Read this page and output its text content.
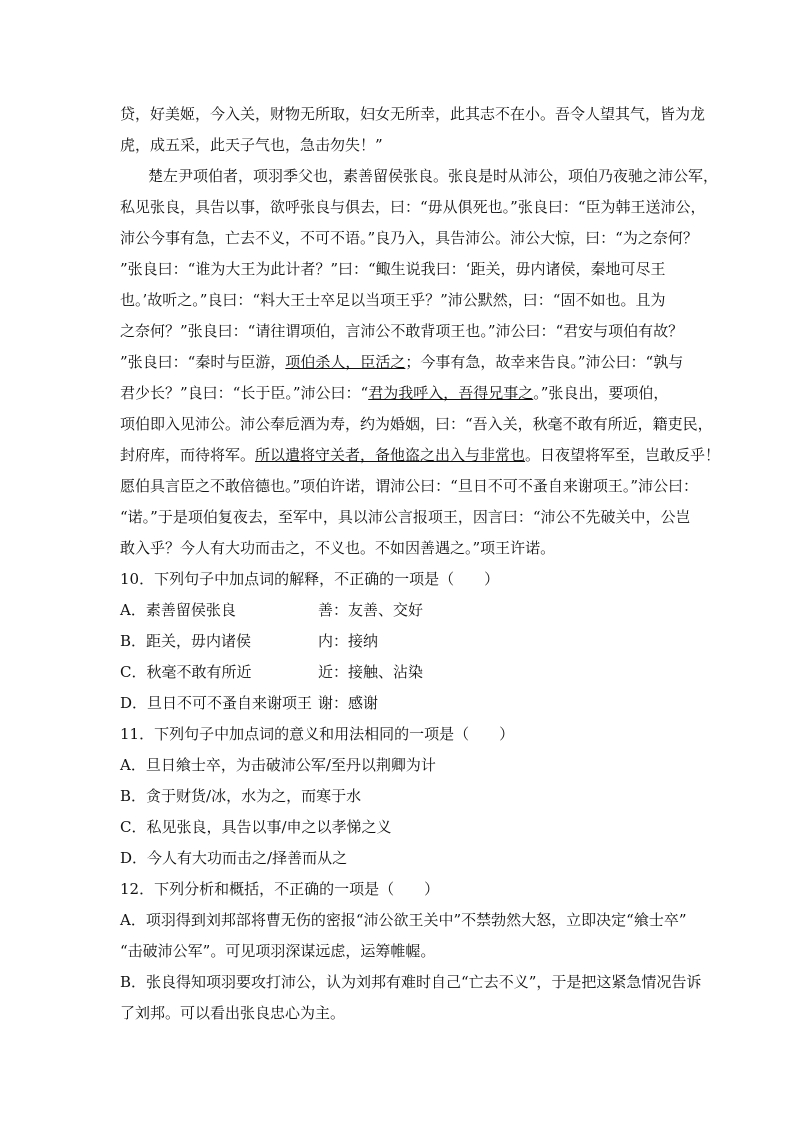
贷，好美姬，今入关，财物无所取，妇女无所幸，此其志不在小。吾令人望其气，皆为龙
虎，成五采，此天子气也，急击勿失！”
楚左尹项伯者，项羽季父也，素善留侯张良。张良是时从沛公，项伯乃夜驰之沛公军，
私见张良，具告以事，欲呼张良与俱去，曰：“毋从俱死也。”张良曰：“臣为韩王送沛公，
沛公今事有急，亡去不义，不可不语。”良乃入，具告沛公。沛公大惊，曰：“为之奈何？
”张良曰：“谁为大王为此计者？”曰：“鲰生说我曰：‘距关，毋内诸侯，秦地可尽王
也。’故听之。”良曰：“料大王士卒足以当项王乎？”沛公默然，曰：“固不如也。且为
之奈何？”张良曰：“请往谓项伯，言沛公不敢背项王也。”沛公曰：“君安与项伯有故？
”张良曰：“秦时与臣游，项伯杀人，臣活之；今事有急，故幸来告良。”沛公曰：“孰与
君少长？”良曰：“长于臣。”沛公曰：“君为我呼入，吾得兄事之。”张良出，要项伯，
项伯即入见沛公。沛公奉卮酒为寿，约为婚姻，曰：“吾入关，秋毫不敢有所近，籍吏民，
封府库，而待将军。所以遣将守关者，备他盗之出入与非常也。日夜望将军至，岂敢反乎！
愿伯具言臣之不敢倍德也。”项伯许诺，谓沛公曰：“旦日不可不蚤自来谢项王。”沛公曰：
“诺。”于是项伯复夜去，至军中，具以沛公言报项王，因言曰：“沛公不先破关中，公岂
敢入乎？今人有大功而击之，不义也。不如因善遇之。”项王许诺。
10．下列句子中加点词的解释，不正确的一项是（　　）
A．素善留侯张良	善：友善、交好
B．距关，毋内诸侯	内：接纳
C．秋毫不敢有所近	近：接触、沾染
D．旦日不可不蚤自来谢项王 谢：感谢
11．下列句子中加点词的意义和用法相同的一项是（　　）
A．旦日飨士卒，为击破沛公军/至丹以荆卿为计
B．贪于财货/冰，水为之，而寒于水
C．私见张良，具告以事/申之以孝悌之义
D．今人有大功而击之/择善而从之
12．下列分析和概括，不正确的一项是（　　）
A．项羽得到刘邦部将曹无伤的密报“沛公欲王关中”不禁勃然大怒，立即决定“飨士卒”
“击破沛公军”。可见项羽深谋远虑，运筹帷幄。
B．张良得知项羽要攻打沛公，认为刘邦有难时自己“亡去不义”，于是把这紧急情况告诉
了刘邦。可以看出张良忠心为主。
